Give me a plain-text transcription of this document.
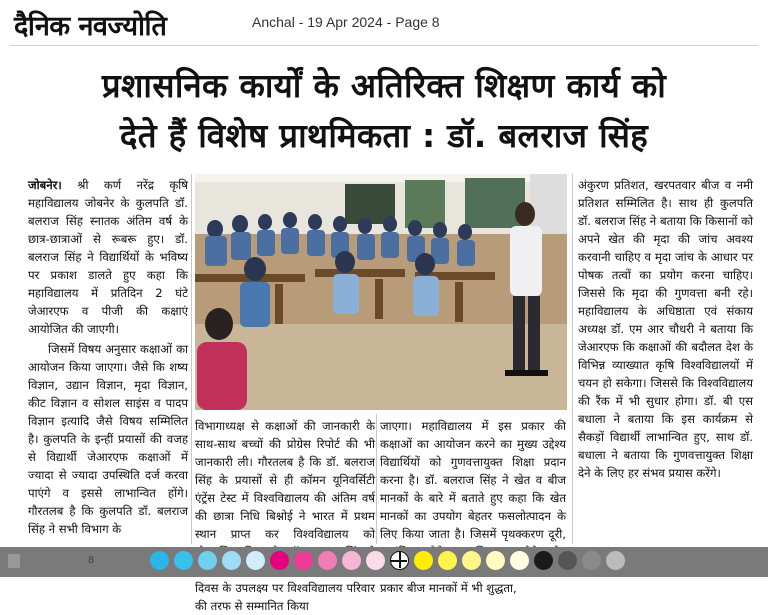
दैनिक नवज्योति	Anchal - 19 Apr 2024 - Page 8
प्रशासनिक कार्यों के अतिरिक्त शिक्षण कार्य को
देते हैं विशेष प्राथमिकता : डॉ. बलराज सिंह

जोबनेर। श्री कर्ण नरेंद्र कृषि महाविद्यालय जोबनेर के कुलपति डॉ. बलराज सिंह स्नातक अंतिम वर्ष के छात्र-छात्राओं से रूबरू हुए। डॉ. बलराज सिंह ने विद्यार्थियों के भविष्य पर प्रकाश डालते हुए कहा कि महाविद्यालय में प्रतिदिन 2 घंटे जेआरएफ व पीजी की कक्षाएं आयोजित की जाएगी।

जिसमें विषय अनुसार कक्षाओं का आयोजन किया जाएगा। जैसे कि शष्य विज्ञान, उद्यान विज्ञान, मृदा विज्ञान, कीट विज्ञान व सोशल साइंस व पादप विज्ञान इत्यादि जैसे विषय सम्मिलित है। कुलपति के इन्हीं प्रयासों की वजह से विद्यार्थी जेआरएफ कक्षाओं में ज्यादा से ज्यादा उपस्थिति दर्ज करवा पाएंगे व इससे लाभान्वित होंगे। गौरतलब है कि कुलपति डॉ. बलराज सिंह ने सभी विभाग के

विभागाध्यक्ष से कक्षाओं की जानकारी के साथ-साथ बच्चों की प्रोग्रेस रिपोर्ट की भी जानकारी ली। गौरतलब है कि डॉ. बलराज सिंह के प्रयासों से ही कॉमन यूनिवर्सिटी एंट्रेंस टेस्ट में विश्वविद्यालय की अंतिम वर्ष की छात्रा निधि बिश्नोई ने भारत में प्रथम स्थान प्राप्त कर विश्वविद्यालय को दिवस के उपलक्ष्य पर विश्वविद्यालय परिवार की तरफ से सम्मानित किया
जाएगा। महाविद्यालय में इस प्रकार की कक्षाओं का आयोजन करने का मुख्य उद्देश्य विद्यार्थियों को गुणवत्तायुक्त शिक्षा प्रदान करना है। डॉ. बलराज सिंह ने खेत व बीज मानकों के बारे में बताते हुए कहा कि खेत मानकों का उपयोग बेहतर फसलोत्पादन के लिए किया जाता है। जिसमें पृथक्करण दूरी, प्रकार बीज मानकों में भी शुद्धता,
अंकुरण प्रतिशत, खरपतवार बीज व नमी प्रतिशत सम्मिलित है। साथ ही कुलपति डॉ. बलराज सिंह ने बताया कि किसानों को अपने खेत की मृदा की जांच अवश्य करवानी चाहिए व मृदा जांच के आधार पर पोषक तत्वों का प्रयोग करना चाहिए। जिससे कि मृदा की गुणवत्ता बनी रहे। महाविद्यालय के अधिष्ठाता एवं संकाय अध्यक्ष डॉ. एम आर चौधरी ने बताया कि जेआरएफ कि कक्षाओं की बदौलत देश के विभिन्न व्याख्यात कृषि विश्वविद्यालयों में चयन हो सकेगा। जिससे कि विश्वविद्यालय की रैंक में भी सुधार होगा। डॉ. बी एस बधाला ने बताया कि इस कार्यक्रम से सैकड़ों विद्यार्थी लाभान्वित हुए, साथ डॉ. बधाला ने बताया कि गुणवत्तायुक्त शिक्षा देने के लिए हर संभव प्रयास करेंगे।
8
